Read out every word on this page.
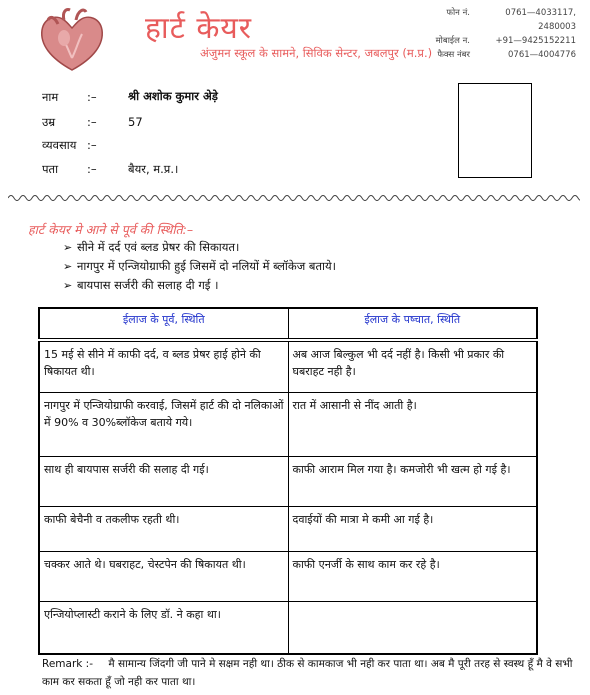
हार्ट केयर
अंजुमन स्कूल के सामने, सिविक सेन्टर, जबलपुर (म.प्र.)
फोन नं.	0761—4033117, 2480003
मोबाईल न.	+91—9425152211
फैक्स नंबर	0761—4004776
नाम	:–	श्री अशोक कुमार अेड़े
उम्र	:–	57
व्यवसाय :–
पता	:–	बैयर, म.प्र.।
हार्ट केयर मे आने से पूर्व की स्थिति:–
➢ सीने में दर्द एवं ब्लड प्रेषर की सिकायत।
➢ नागपुर में एन्जियोग्राफी हुई जिसमें दो नलियों में ब्लॉकेज बताये।
➢ बायपास सर्जरी की सलाह दी गई ।
ईलाज के पूर्व, स्थिति	ईलाज के पष्चात, स्थिति
15 मई से सीने में काफी दर्द, व ब्लड प्रेषर हाई होने की षिकायत थी।	अब आज बिल्कुल भी दर्द नहीं है। किसी भी प्रकार की घबराहट नही है।
नागपुर में एन्जियोग्राफी करवाई, जिसमें हार्ट की दो नलिकाओं में 90% व 30%ब्लॉकेज बताये गये।	रात में आसानी से नींद आती है।
साथ ही बायपास सर्जरी की सलाह दी गई।	काफी आराम मिल गया है। कमजोरी भी खत्म हो गई है।
काफी बेचैनी व तकलीफ रहती थी।	दवाईयों की मात्रा मे कमी आ गई है।
चक्कर आते थे। घबराहट, चेस्टपेन की षिकायत थी।	काफी एनर्जी के साथ काम कर रहे है।
एन्जियोप्लास्टी कराने के लिए डॉ. ने कहा था।	
Remark :- मै सामान्य जिंदगी जी पाने मे सक्षम नही था। ठीक से कामकाज भी नही कर पाता था। अब मै पूरी तरह से स्वस्थ हूँ मै वे सभी काम कर सकता हूँ जो नही कर पाता था।
